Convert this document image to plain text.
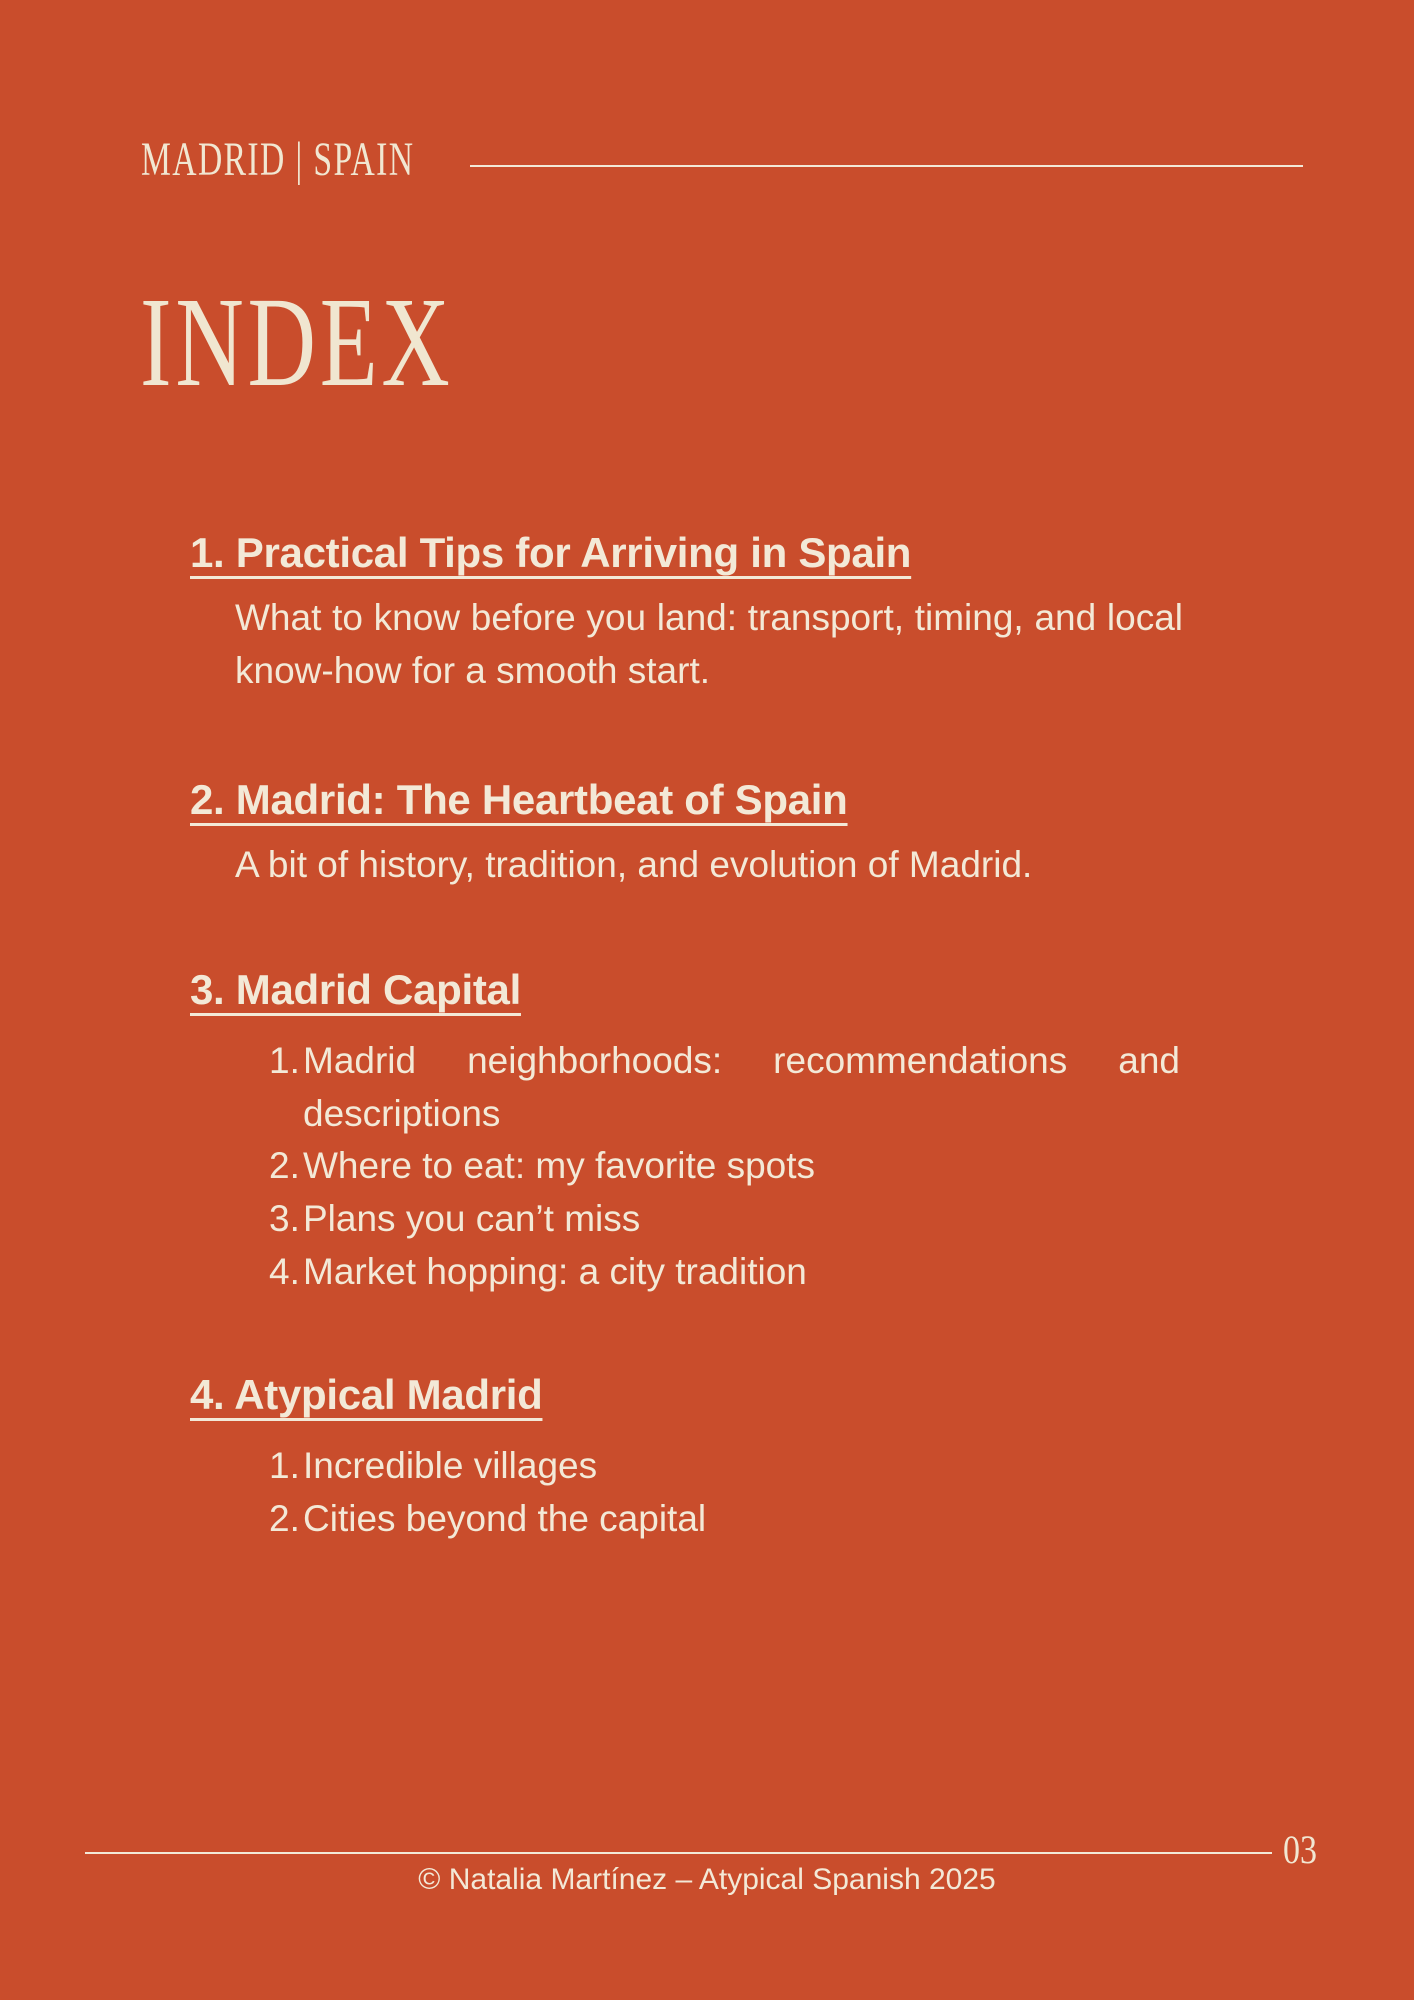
MADRID | SPAIN
INDEX
1. Practical Tips for Arriving in Spain

What to know before you land: transport, timing, and local know-how for a smooth start.

2. Madrid: The Heartbeat of Spain

A bit of history, tradition, and evolution of Madrid.

3. Madrid Capital
1.Madrid neighborhoods: recommendations and descriptions
2.Where to eat: my favorite spots
3.Plans you can’t miss
4.Market hopping: a city tradition
4. Atypical Madrid
1.Incredible villages
2.Cities beyond the capital
03
© Natalia Martínez – Atypical Spanish 2025
